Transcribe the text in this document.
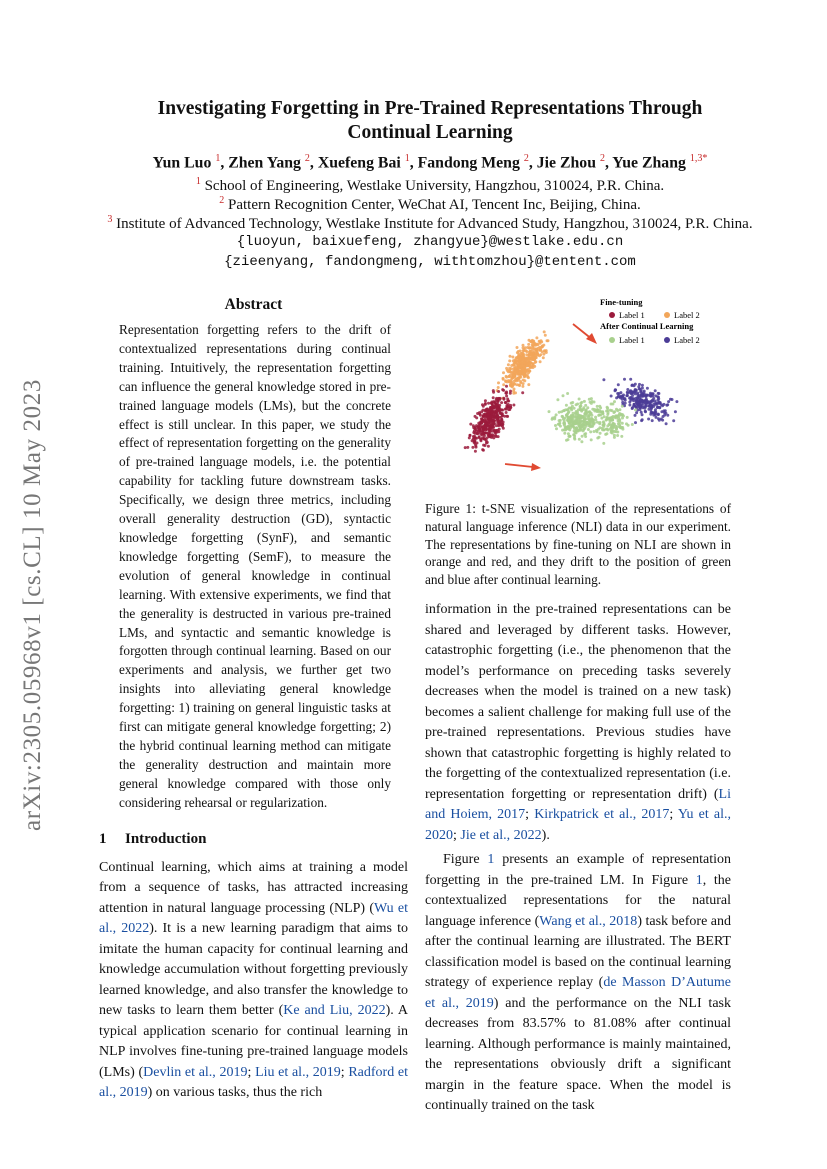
arXiv:2305.05968v1 [cs.CL] 10 May 2023
Investigating Forgetting in Pre-Trained Representations Through
Continual Learning

Yun Luo $^1$, Zhen Yang $^2$, Xuefeng Bai $^1$, Fandong Meng $^2$, Jie Zhou $^2$, Yue Zhang $^{1,3*}$

$^1$ School of Engineering, Westlake University, Hangzhou, 310024, P.R. China.

$^2$ Pattern Recognition Center, WeChat AI, Tencent Inc, Beijing, China.

$^3$ Institute of Advanced Technology, Westlake Institute for Advanced Study, Hangzhou, 310024, P.R. China.

{luoyun, baixuefeng, zhangyue}@westlake.edu.cn

{zieenyang, fandongmeng, withtomzhou}@tentent.com

Abstract

Representation forgetting refers to the drift of contextualized representations during continual training. Intuitively, the representation forgetting can influence the general knowledge stored in pre-trained language models (LMs), but the concrete effect is still unclear. In this paper, we study the effect of representation forgetting on the generality of pre-trained language models, i.e. the potential capability for tackling future downstream tasks. Specifically, we design three metrics, including overall generality destruction (GD), syntactic knowledge forgetting (SynF), and semantic knowledge forgetting (SemF), to measure the evolution of general knowledge in continual learning. With extensive experiments, we find that the generality is destructed in various pre-trained LMs, and syntactic and semantic knowledge is forgotten through continual learning. Based on our experiments and analysis, we further get two insights into alleviating general knowledge forgetting: 1) training on general linguistic tasks at first can mitigate general knowledge forgetting; 2) the hybrid continual learning method can mitigate the generality destruction and maintain more general knowledge compared with those only considering rehearsal or regularization.

1 Introduction

Continual learning, which aims at training a model from a sequence of tasks, has attracted increasing attention in natural language processing (NLP) (Wu et al., 2022). It is a new learning paradigm that aims to imitate the human capacity for continual learning and knowledge accumulation without forgetting previously learned knowledge, and also transfer the knowledge to new tasks to learn them better (Ke and Liu, 2022). A typical application scenario for continual learning in NLP involves fine-tuning pre-trained language models (LMs) (Devlin et al., 2019; Liu et al., 2019; Radford et al., 2019) on various tasks, thus the rich

Fine-tuning
Label 1	Label 2
After Continual Learning
Label 1	Label 2

Figure 1: t-SNE visualization of the representations of natural language inference (NLI) data in our experiment. The representations by fine-tuning on NLI are shown in orange and red, and they drift to the position of green and blue after continual learning.

information in the pre-trained representations can be shared and leveraged by different tasks. However, catastrophic forgetting (i.e., the phenomenon that the model’s performance on preceding tasks severely decreases when the model is trained on a new task) becomes a salient challenge for making full use of the pre-trained representations. Previous studies have shown that catastrophic forgetting is highly related to the forgetting of the contextualized representation (i.e. representation forgetting or representation drift) (Li and Hoiem, 2017; Kirkpatrick et al., 2017; Yu et al., 2020; Jie et al., 2022).

Figure 1 presents an example of representation forgetting in the pre-trained LM. In Figure 1, the contextualized representations for the natural language inference (Wang et al., 2018) task before and after the continual learning are illustrated. The BERT classification model is based on the continual learning strategy of experience replay (de Masson D’Autume et al., 2019) and the performance on the NLI task decreases from 83.57% to 81.08% after continual learning. Although performance is mainly maintained, the representations obviously drift a significant margin in the feature space. When the model is continually trained on the task
